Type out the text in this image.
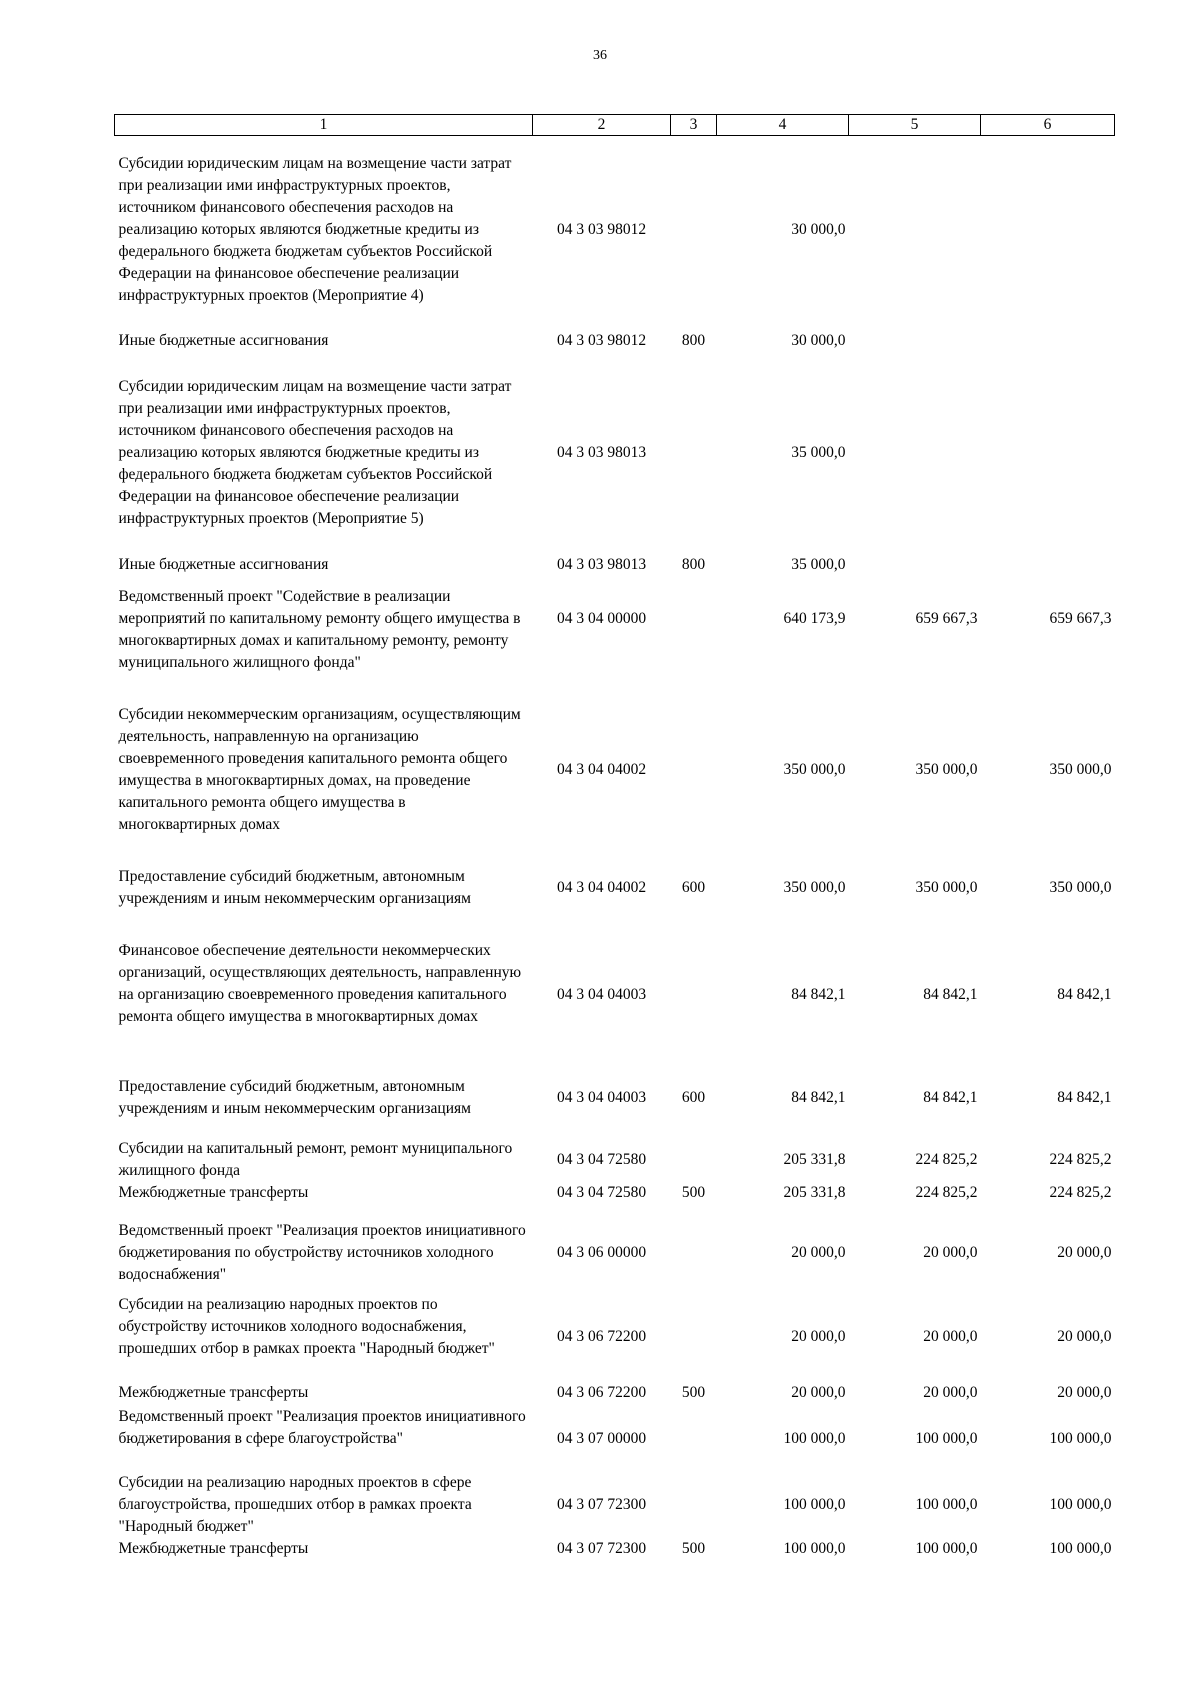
36
1	2	3	4	5	6
Субсидии юридическим лицам на возмещение части затрат при реализации ими инфраструктурных проектов, источником финансового обеспечения расходов на реализацию которых являются бюджетные кредиты из федерального бюджета бюджетам субъектов Российской Федерации на финансовое обеспечение реализации инфраструктурных проектов (Мероприятие 4)	04 3 03 98012		30 000,0		
Иные бюджетные ассигнования	04 3 03 98012	800	30 000,0		
Субсидии юридическим лицам на возмещение части затрат при реализации ими инфраструктурных проектов, источником финансового обеспечения расходов на реализацию которых являются бюджетные кредиты из федерального бюджета бюджетам субъектов Российской Федерации на финансовое обеспечение реализации инфраструктурных проектов (Мероприятие 5)	04 3 03 98013		35 000,0		
Иные бюджетные ассигнования	04 3 03 98013	800	35 000,0		
Ведомственный проект "Содействие в реализации мероприятий по капитальному ремонту общего имущества в многоквартирных домах и капитальному ремонту, ремонту муниципального жилищного фонда"	04 3 04 00000		640 173,9	659 667,3	659 667,3
Субсидии некоммерческим организациям, осуществляющим деятельность, направленную на организацию своевременного проведения капитального ремонта общего имущества в многоквартирных домах, на проведение капитального ремонта общего имущества в многоквартирных домах	04 3 04 04002		350 000,0	350 000,0	350 000,0
Предоставление субсидий бюджетным, автономным учреждениям и иным некоммерческим организациям	04 3 04 04002	600	350 000,0	350 000,0	350 000,0
Финансовое обеспечение деятельности некоммерческих организаций, осуществляющих деятельность, направленную на организацию своевременного проведения капитального ремонта общего имущества в многоквартирных домах	04 3 04 04003		84 842,1	84 842,1	84 842,1
Предоставление субсидий бюджетным, автономным учреждениям и иным некоммерческим организациям	04 3 04 04003	600	84 842,1	84 842,1	84 842,1
Субсидии на капитальный ремонт, ремонт муниципального жилищного фонда	04 3 04 72580		205 331,8	224 825,2	224 825,2
Межбюджетные трансферты	04 3 04 72580	500	205 331,8	224 825,2	224 825,2
Ведомственный проект "Реализация проектов инициативного бюджетирования по обустройству источников холодного водоснабжения"	04 3 06 00000		20 000,0	20 000,0	20 000,0
Субсидии на реализацию народных проектов по обустройству источников холодного водоснабжения, прошедших отбор в рамках проекта "Народный бюджет"	04 3 06 72200		20 000,0	20 000,0	20 000,0
Межбюджетные трансферты	04 3 06 72200	500	20 000,0	20 000,0	20 000,0
Ведомственный проект "Реализация проектов инициативного бюджетирования в сфере благоустройства"	04 3 07 00000		100 000,0	100 000,0	100 000,0
Субсидии на реализацию народных проектов в сфере благоустройства, прошедших отбор в рамках проекта "Народный бюджет"	04 3 07 72300		100 000,0	100 000,0	100 000,0
Межбюджетные трансферты	04 3 07 72300	500	100 000,0	100 000,0	100 000,0
